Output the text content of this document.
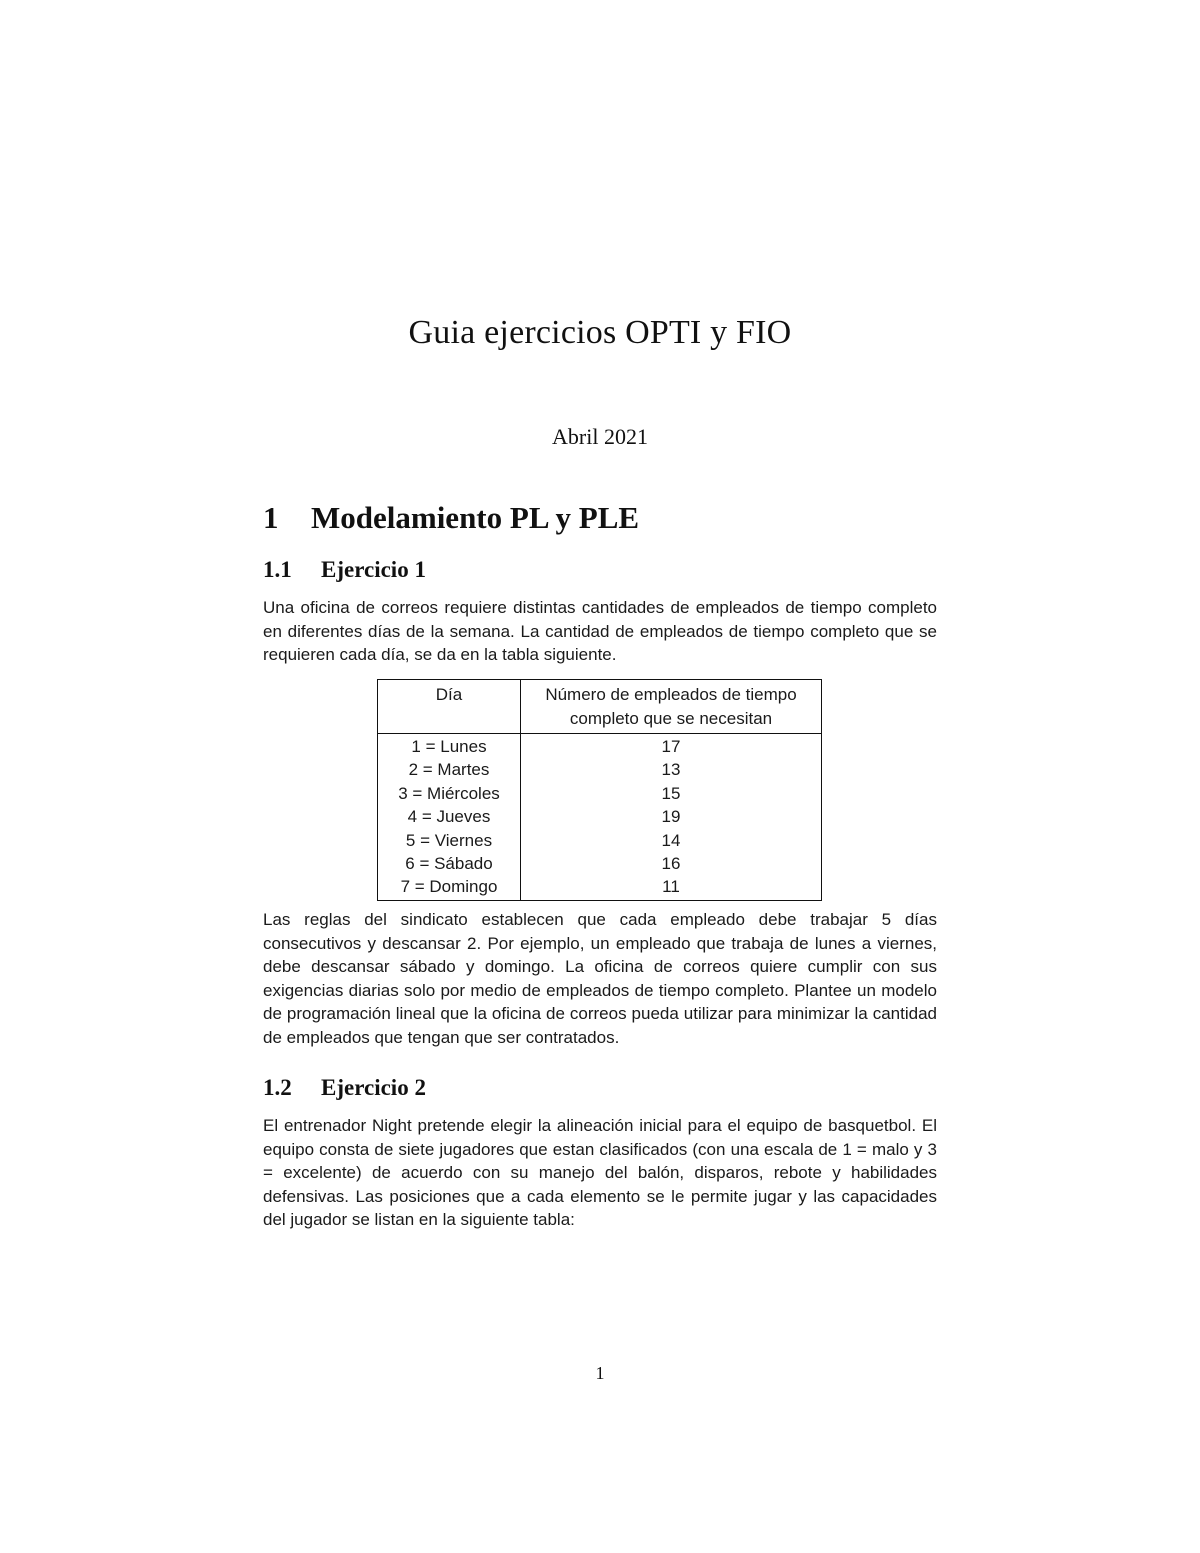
Guia ejercicios OPTI y FIO

Abril 2021

1 Modelamiento PL y PLE
1.1 Ejercicio 1

Una oficina de correos requiere distintas cantidades de empleados de tiempo completo en diferentes días de la semana. La cantidad de empleados de tiempo completo que se requieren cada día, se da en la tabla siguiente.

Día	Número de empleados de tiempo completo que se necesitan
1 = Lunes	17
2 = Martes	13
3 = Miércoles	15
4 = Jueves	19
5 = Viernes	14
6 = Sábado	16
7 = Domingo	11

Las reglas del sindicato establecen que cada empleado debe trabajar 5 días consecutivos y descansar 2. Por ejemplo, un empleado que trabaja de lunes a viernes, debe descansar sábado y domingo. La oficina de correos quiere cumplir con sus exigencias diarias solo por medio de empleados de tiempo completo. Plantee un modelo de programación lineal que la oficina de correos pueda utilizar para minimizar la cantidad de empleados que tengan que ser contratados.

1.2 Ejercicio 2

El entrenador Night pretende elegir la alineación inicial para el equipo de basquetbol. El equipo consta de siete jugadores que estan clasificados (con una escala de 1 = malo y 3 = excelente) de acuerdo con su manejo del balón, disparos, rebote y habilidades defensivas. Las posiciones que a cada elemento se le permite jugar y las capacidades del jugador se listan en la siguiente tabla:

1
